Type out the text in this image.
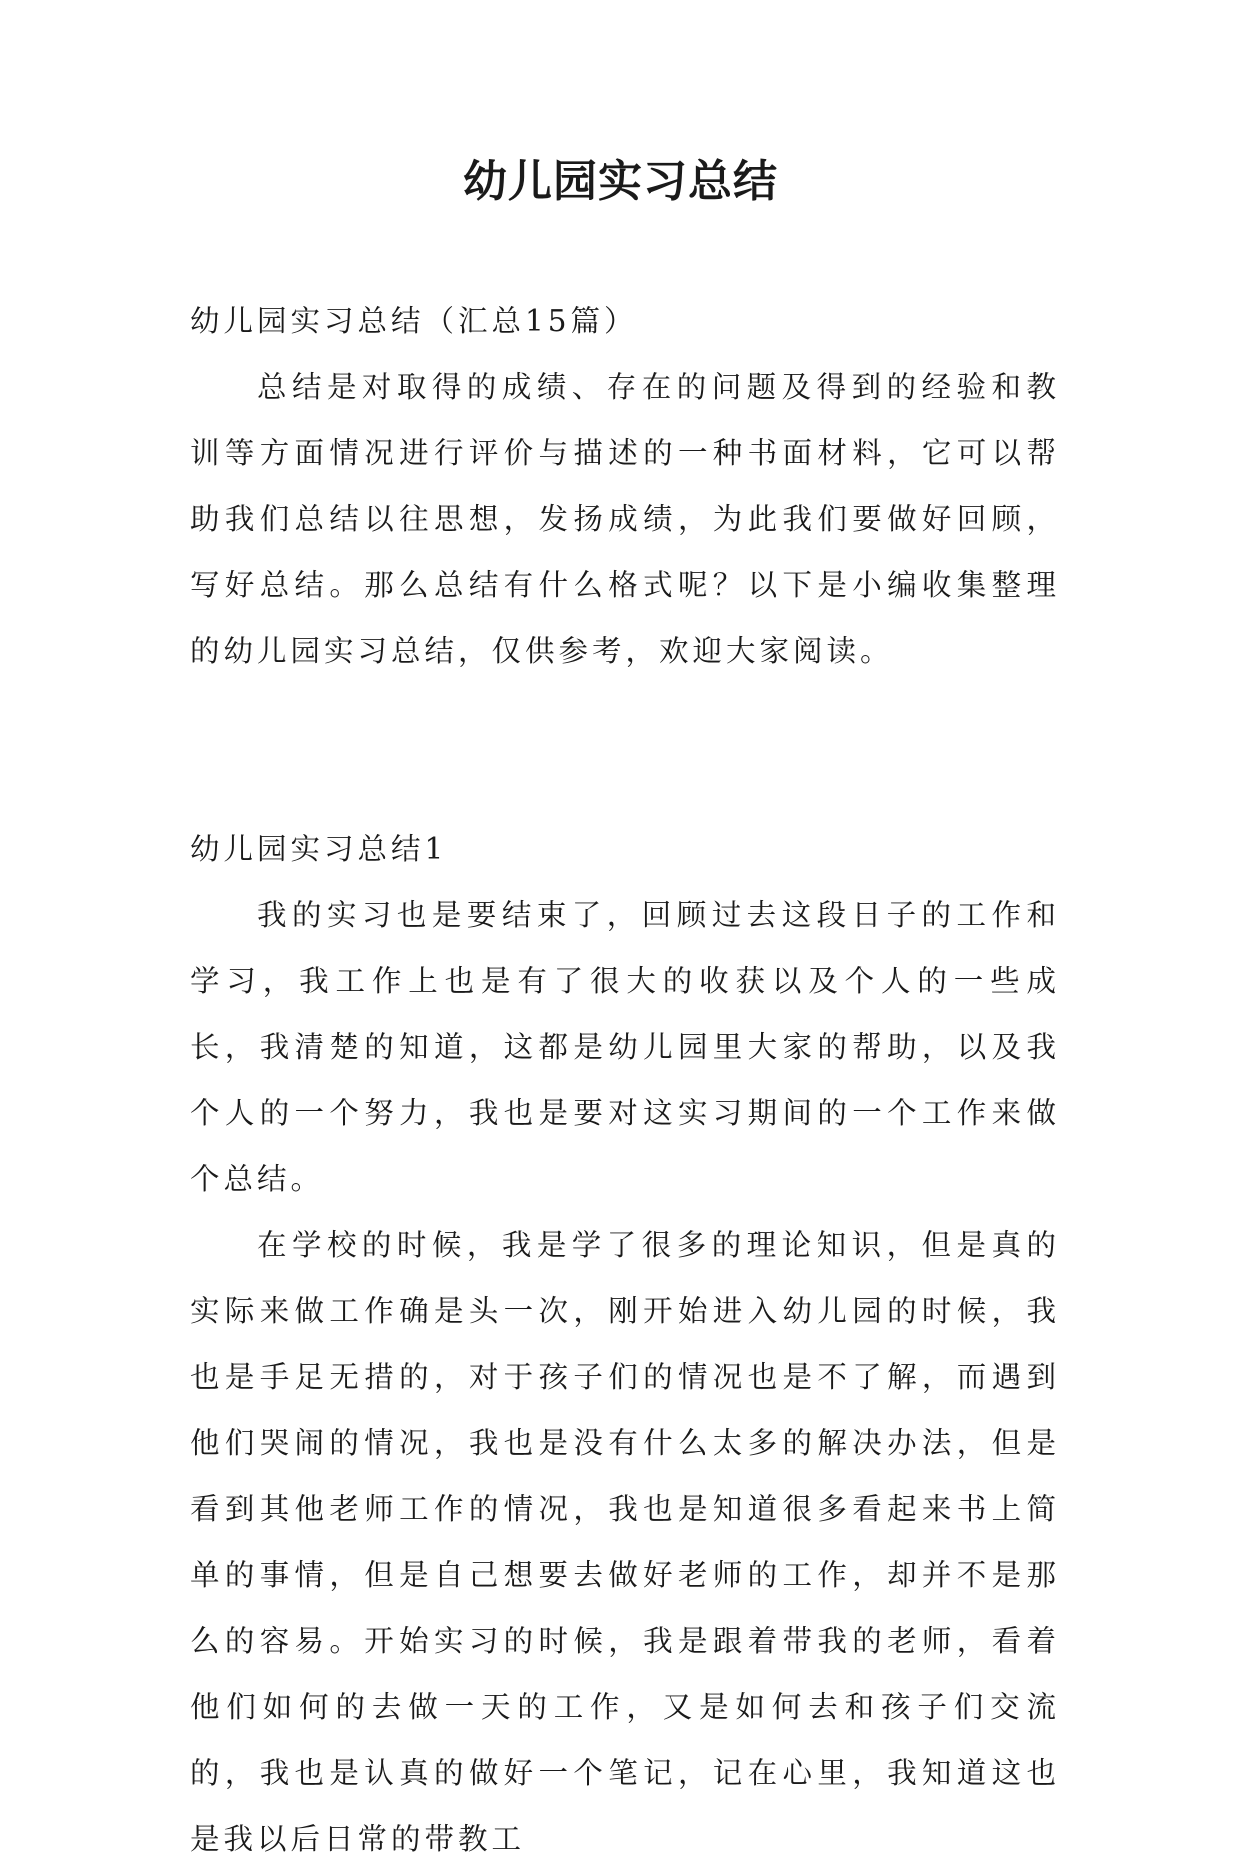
幼儿园实习总结

幼儿园实习总结（汇总15篇）

总结是对取得的成绩、存在的问题及得到的经验和教训等方面情况进行评价与描述的一种书面材料，它可以帮助我们总结以往思想，发扬成绩，为此我们要做好回顾，写好总结。那么总结有什么格式呢？以下是小编收集整理的幼儿园实习总结，仅供参考，欢迎大家阅读。

幼儿园实习总结1

我的实习也是要结束了，回顾过去这段日子的工作和学习，我工作上也是有了很大的收获以及个人的一些成长，我清楚的知道，这都是幼儿园里大家的帮助，以及我个人的一个努力，我也是要对这实习期间的一个工作来做个总结。

在学校的时候，我是学了很多的理论知识，但是真的实际来做工作确是头一次，刚开始进入幼儿园的时候，我也是手足无措的，对于孩子们的情况也是不了解，而遇到他们哭闹的情况，我也是没有什么太多的解决办法，但是看到其他老师工作的情况，我也是知道很多看起来书上简单的事情，但是自己想要去做好老师的工作，却并不是那么的容易。开始实习的时候，我是跟着带我的老师，看着他们如何的去做一天的工作，又是如何去和孩子们交流的，我也是认真的做好一个笔记，记在心里，我知道这也是我以后日常的带教工
